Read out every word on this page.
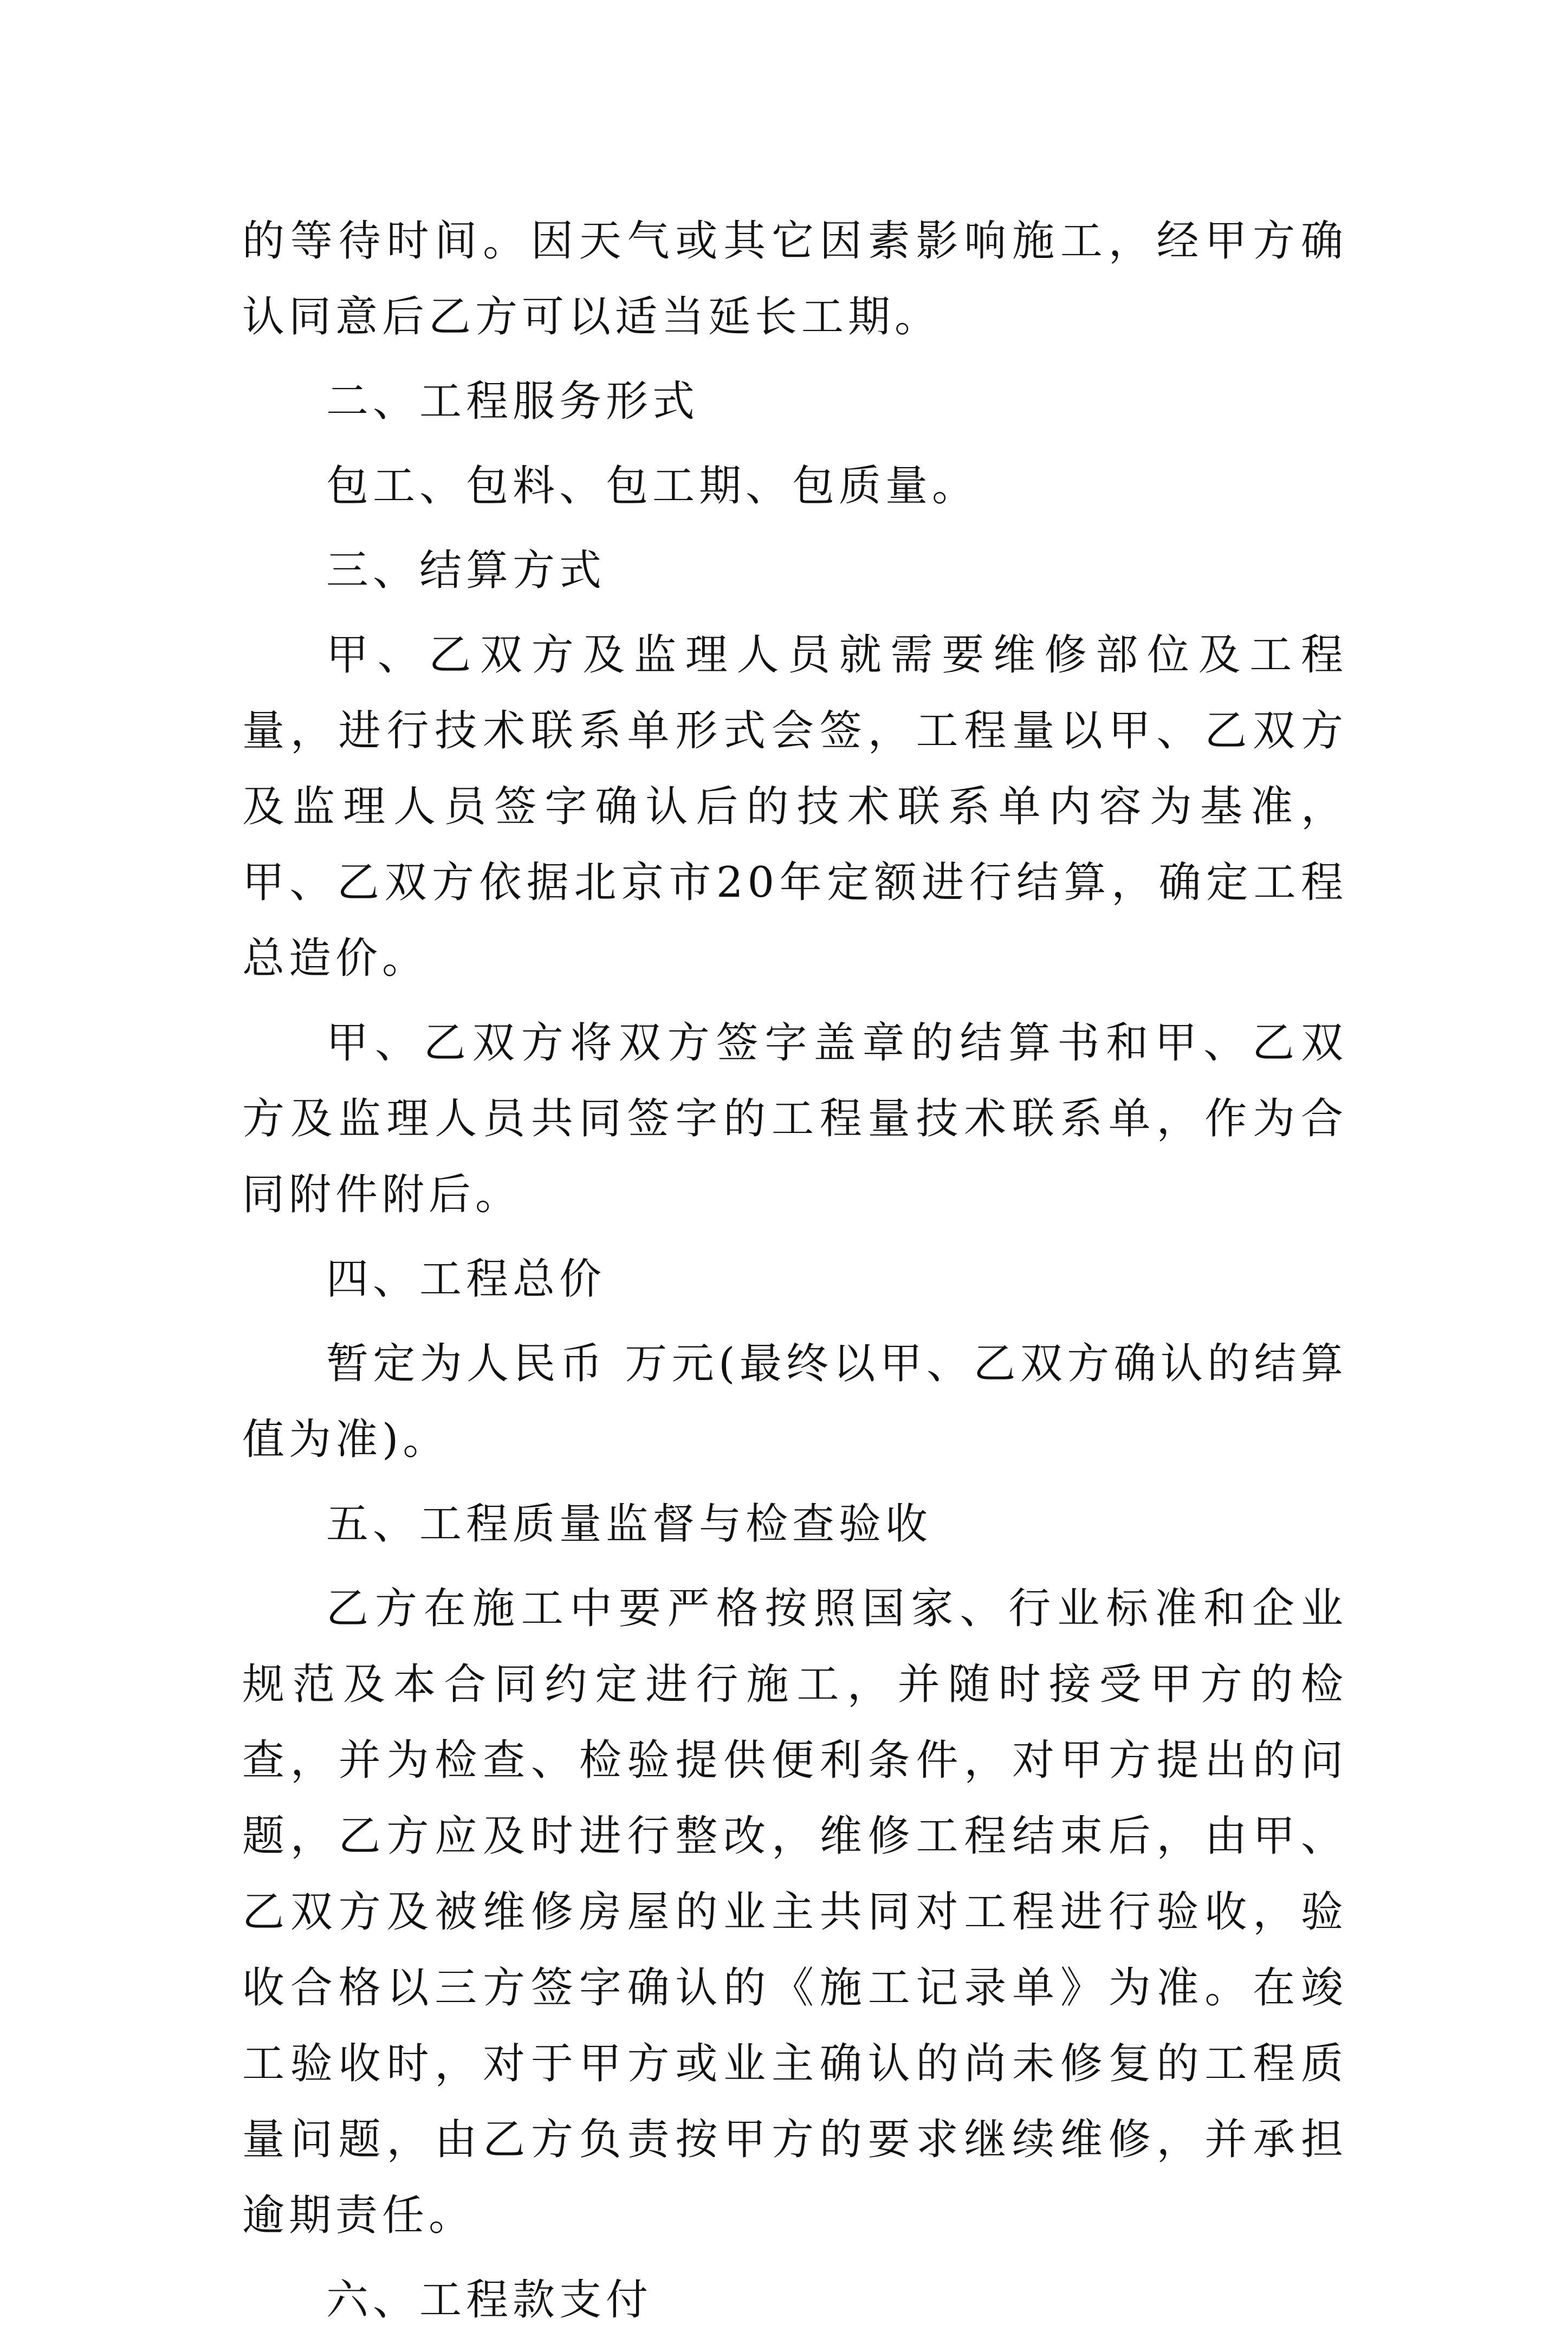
的等待时间。因天气或其它因素影响施工，经甲方确认同意后乙方可以适当延长工期。

二、工程服务形式

包工、包料、包工期、包质量。

三、结算方式

甲、乙双方及监理人员就需要维修部位及工程量，进行技术联系单形式会签，工程量以甲、乙双方及监理人员签字确认后的技术联系单内容为基准，甲、乙双方依据北京市20年定额进行结算，确定工程总造价。

甲、乙双方将双方签字盖章的结算书和甲、乙双方及监理人员共同签字的工程量技术联系单，作为合同附件附后。

四、工程总价

暂定为人民币 万元(最终以甲、乙双方确认的结算值为准)。

五、工程质量监督与检查验收

乙方在施工中要严格按照国家、行业标准和企业规范及本合同约定进行施工，并随时接受甲方的检查，并为检查、检验提供便利条件，对甲方提出的问题，乙方应及时进行整改，维修工程结束后，由甲、乙双方及被维修房屋的业主共同对工程进行验收，验收合格以三方签字确认的《施工记录单》为准。在竣工验收时，对于甲方或业主确认的尚未修复的工程质量问题，由乙方负责按甲方的要求继续维修，并承担逾期责任。

六、工程款支付
